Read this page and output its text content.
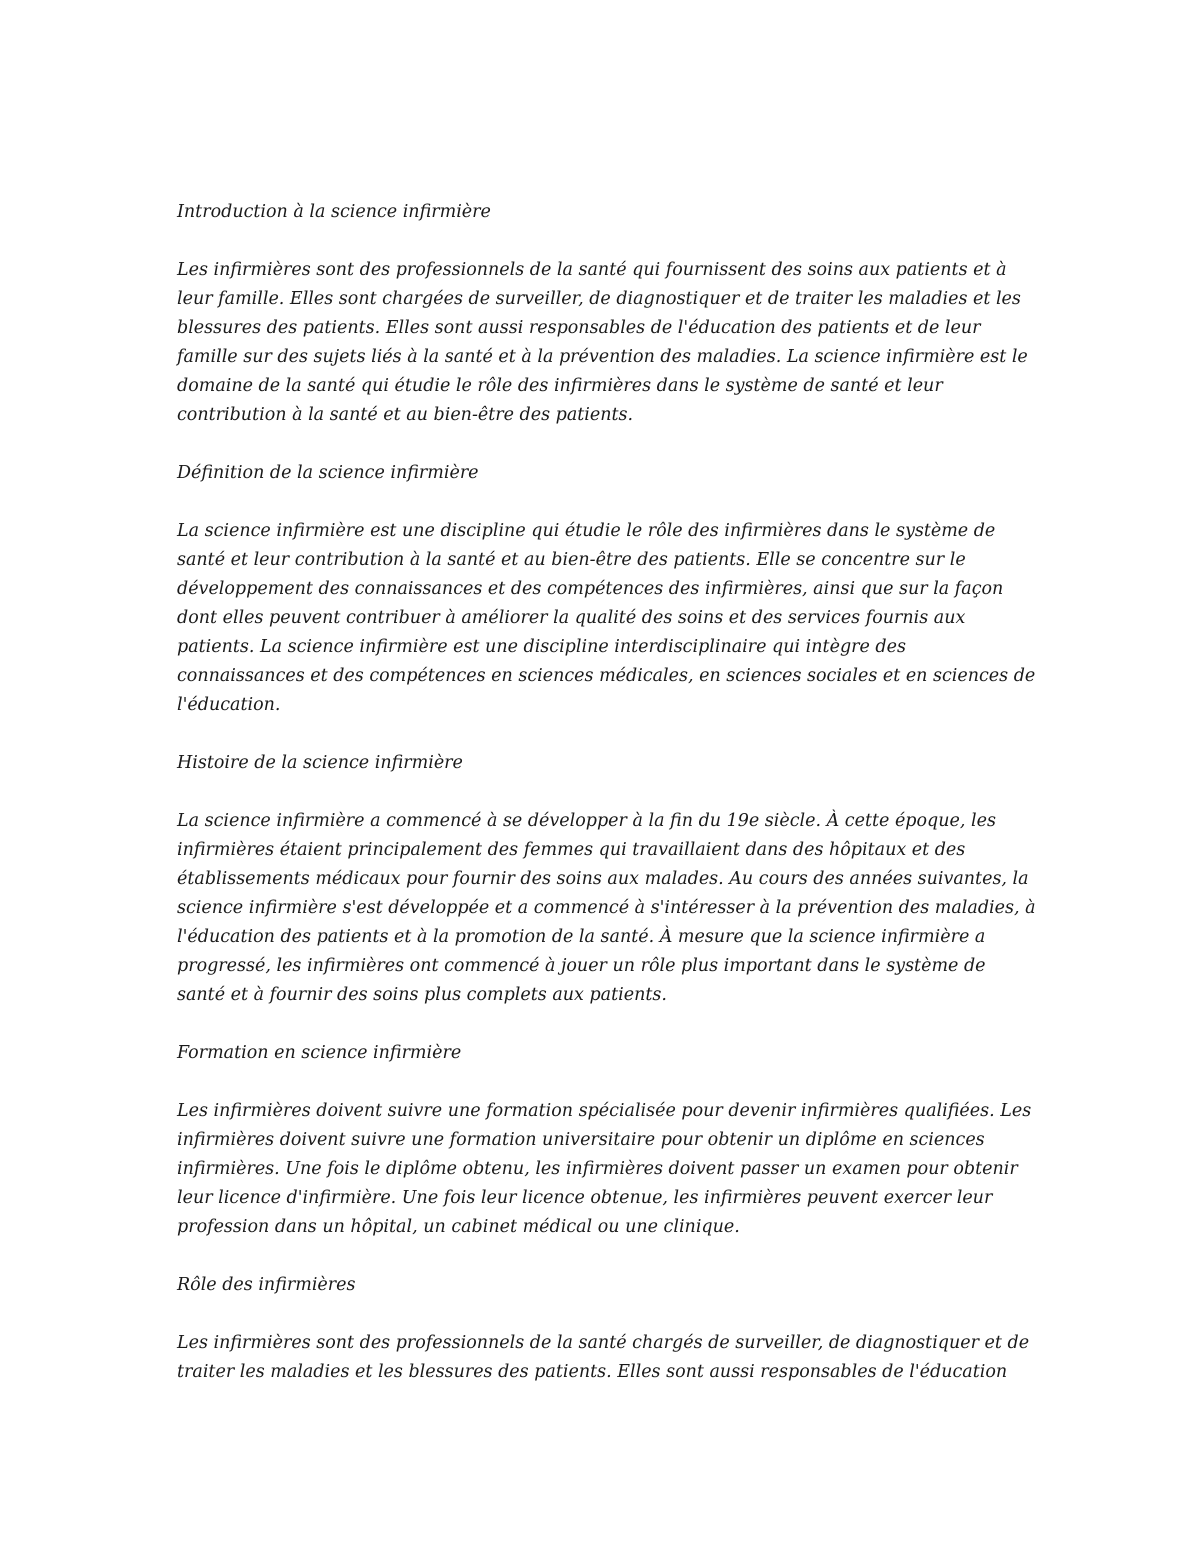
Introduction à la science infirmière

Les infirmières sont des professionnels de la santé qui fournissent des soins aux patients et à
leur famille. Elles sont chargées de surveiller, de diagnostiquer et de traiter les maladies et les
blessures des patients. Elles sont aussi responsables de l'éducation des patients et de leur
famille sur des sujets liés à la santé et à la prévention des maladies. La science infirmière est le
domaine de la santé qui étudie le rôle des infirmières dans le système de santé et leur
contribution à la santé et au bien-être des patients.

Définition de la science infirmière

La science infirmière est une discipline qui étudie le rôle des infirmières dans le système de
santé et leur contribution à la santé et au bien-être des patients. Elle se concentre sur le
développement des connaissances et des compétences des infirmières, ainsi que sur la façon
dont elles peuvent contribuer à améliorer la qualité des soins et des services fournis aux
patients. La science infirmière est une discipline interdisciplinaire qui intègre des
connaissances et des compétences en sciences médicales, en sciences sociales et en sciences de
l'éducation.

Histoire de la science infirmière

La science infirmière a commencé à se développer à la fin du 19e siècle. À cette époque, les
infirmières étaient principalement des femmes qui travaillaient dans des hôpitaux et des
établissements médicaux pour fournir des soins aux malades. Au cours des années suivantes, la
science infirmière s'est développée et a commencé à s'intéresser à la prévention des maladies, à
l'éducation des patients et à la promotion de la santé. À mesure que la science infirmière a
progressé, les infirmières ont commencé à jouer un rôle plus important dans le système de
santé et à fournir des soins plus complets aux patients.

Formation en science infirmière

Les infirmières doivent suivre une formation spécialisée pour devenir infirmières qualifiées. Les
infirmières doivent suivre une formation universitaire pour obtenir un diplôme en sciences
infirmières. Une fois le diplôme obtenu, les infirmières doivent passer un examen pour obtenir
leur licence d'infirmière. Une fois leur licence obtenue, les infirmières peuvent exercer leur
profession dans un hôpital, un cabinet médical ou une clinique.

Rôle des infirmières

Les infirmières sont des professionnels de la santé chargés de surveiller, de diagnostiquer et de
traiter les maladies et les blessures des patients. Elles sont aussi responsables de l'éducation
